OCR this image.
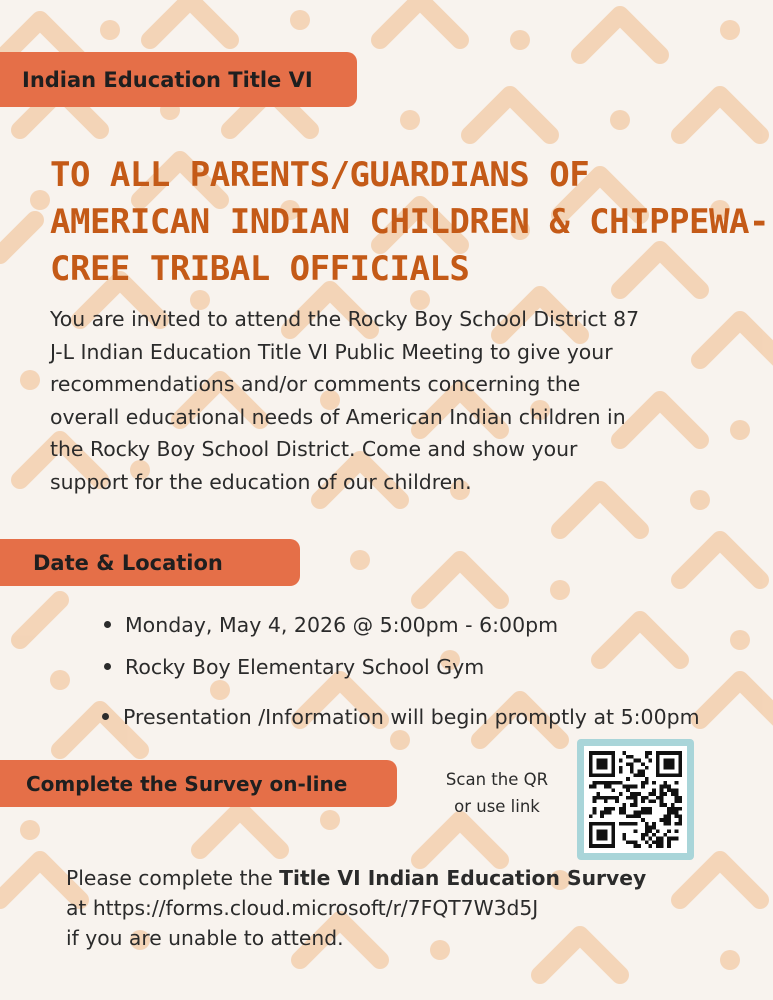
Indian Education Title VI
TO ALL PARENTS/GUARDIANS OF
AMERICAN INDIAN CHILDREN & CHIPPEWA-
CREE TRIBAL OFFICIALS

You are invited to attend the Rocky Boy School District 87
J-L Indian Education Title VI Public Meeting to give your
recommendations and/or comments concerning the
overall educational needs of American Indian children in
the Rocky Boy School District. Come and show your
support for the education of our children.

Date & Location
Monday, May 4, 2026 @ 5:00pm - 6:00pm
Rocky Boy Elementary School Gym
Presentation /Information will begin promptly at 5:00pm
Complete the Survey on-line	Scan the QR
or use link

Please complete the Title VI Indian Education Survey
at https://forms.cloud.microsoft/r/7FQT7W3d5J
if you are unable to attend.
